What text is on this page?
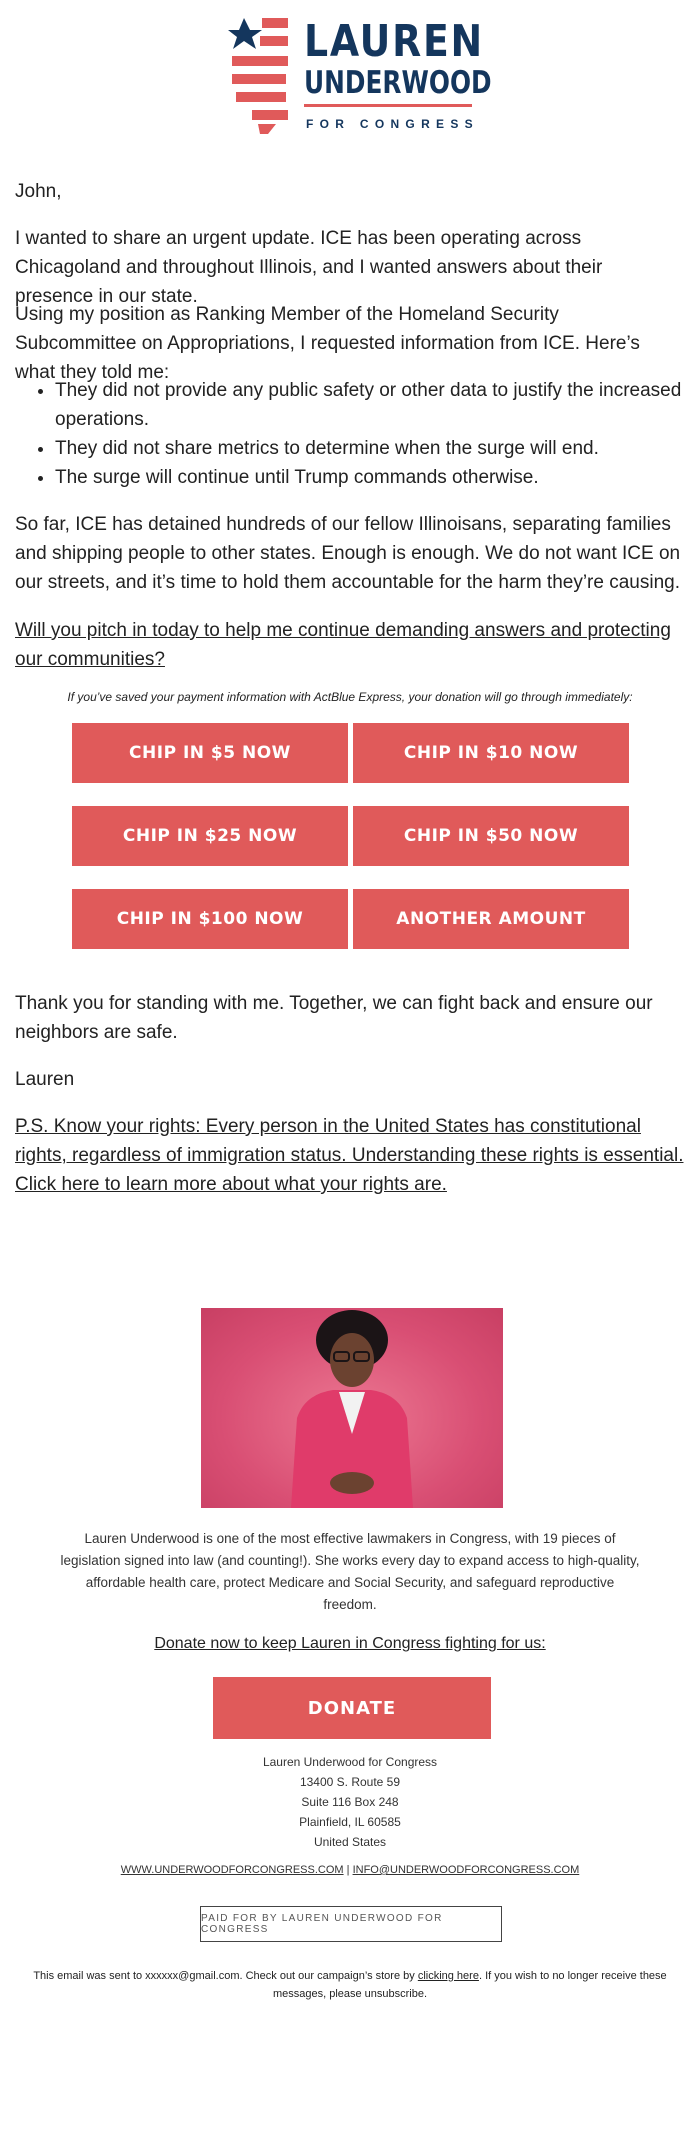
LAUREN
UNDERWOOD
FOR CONGRESS
John,
I wanted to share an urgent update. ICE has been operating across Chicagoland and throughout Illinois, and I wanted answers about their presence in our state.
Using my position as Ranking Member of the Homeland Security Subcommittee on Appropriations, I requested information from ICE. Here’s what they told me:
• They did not provide any public safety or other data to justify the increased operations.
• They did not share metrics to determine when the surge will end.
• The surge will continue until Trump commands otherwise.
So far, ICE has detained hundreds of our fellow Illinoisans, separating families and shipping people to other states. Enough is enough. We do not want ICE on our streets, and it’s time to hold them accountable for the harm they’re causing.
Will you pitch in today to help me continue demanding answers and protecting our communities?
If you’ve saved your payment information with ActBlue Express, your donation will go through immediately:
CHIP IN $5 NOW	CHIP IN $10 NOW
CHIP IN $25 NOW	CHIP IN $50 NOW
CHIP IN $100 NOW	ANOTHER AMOUNT
Thank you for standing with me. Together, we can fight back and ensure our neighbors are safe.
Lauren
P.S. Know your rights: Every person in the United States has constitutional rights, regardless of immigration status. Understanding these rights is essential. Click here to learn more about what your rights are.
Lauren Underwood is one of the most effective lawmakers in Congress, with 19 pieces of legislation signed into law (and counting!). She works every day to expand access to high-quality, affordable health care, protect Medicare and Social Security, and safeguard reproductive freedom.
Donate now to keep Lauren in Congress fighting for us:
DONATE
Lauren Underwood for Congress
13400 S. Route 59
Suite 116 Box 248
Plainfield, IL 60585
United States
WWW.UNDERWOODFORCONGRESS.COM | INFO@UNDERWOODFORCONGRESS.COM
PAID FOR BY LAUREN UNDERWOOD FOR CONGRESS
This email was sent to xxxxxx@gmail.com. Check out our campaign’s store by clicking here. If you wish to no longer receive these messages, please unsubscribe.
